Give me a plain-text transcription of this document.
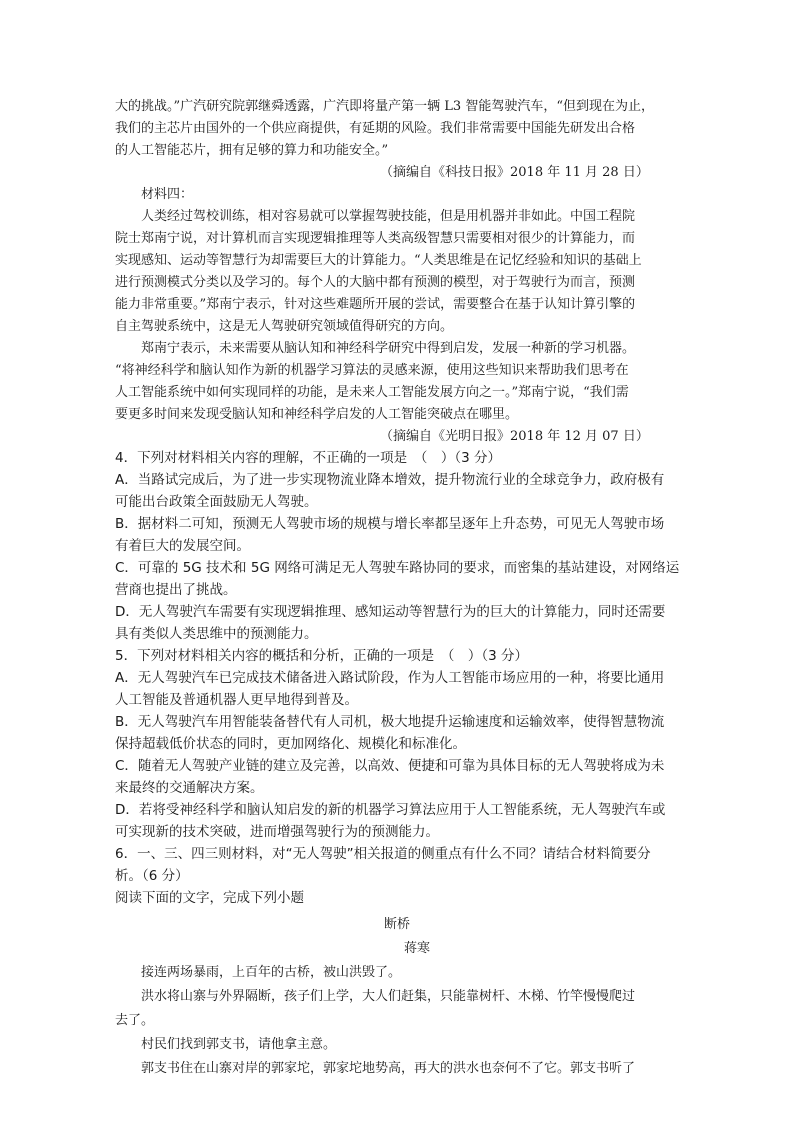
大的挑战。”广汽研究院郭继舜透露，广汽即将量产第一辆 L3 智能驾驶汽车，“但到现在为止，
我们的主芯片由国外的一个供应商提供，有延期的风险。我们非常需要中国能先研发出合格
的人工智能芯片，拥有足够的算力和功能安全。”
（摘编自《科技日报》2018 年 11 月 28 日）
材料四：
人类经过驾校训练，相对容易就可以掌握驾驶技能，但是用机器并非如此。中国工程院
院士郑南宁说，对计算机而言实现逻辑推理等人类高级智慧只需要相对很少的计算能力，而
实现感知、运动等智慧行为却需要巨大的计算能力。“人类思维是在记忆经验和知识的基础上
进行预测模式分类以及学习的。每个人的大脑中都有预测的模型，对于驾驶行为而言，预测
能力非常重要。”郑南宁表示，针对这些难题所开展的尝试，需要整合在基于认知计算引擎的
自主驾驶系统中，这是无人驾驶研究领域值得研究的方向。
郑南宁表示，未来需要从脑认知和神经科学研究中得到启发，发展一种新的学习机器。
“将神经科学和脑认知作为新的机器学习算法的灵感来源，使用这些知识来帮助我们思考在
人工智能系统中如何实现同样的功能，是未来人工智能发展方向之一。”郑南宁说，“我们需
要更多时间来发现受脑认知和神经科学启发的人工智能突破点在哪里。
（摘编自《光明日报》2018 年 12 月 07 日）
4．下列对材料相关内容的理解，不正确的一项是　（　）（3 分）
A．当路试完成后，为了进一步实现物流业降本增效，提升物流行业的全球竞争力，政府极有
可能出台政策全面鼓励无人驾驶。
B．据材料二可知，预测无人驾驶市场的规模与增长率都呈逐年上升态势，可见无人驾驶市场
有着巨大的发展空间。
C．可靠的 5G 技术和 5G 网络可满足无人驾驶车路协同的要求，而密集的基站建设，对网络运
营商也提出了挑战。
D．无人驾驶汽车需要有实现逻辑推理、感知运动等智慧行为的巨大的计算能力，同时还需要
具有类似人类思维中的预测能力。
5．下列对材料相关内容的概括和分析，正确的一项是　（　）（3 分）
A．无人驾驶汽车已完成技术储备进入路试阶段，作为人工智能市场应用的一种，将要比通用
人工智能及普通机器人更早地得到普及。
B．无人驾驶汽车用智能装备替代有人司机，极大地提升运输速度和运输效率，使得智慧物流
保持超载低价状态的同时，更加网络化、规模化和标准化。
C．随着无人驾驶产业链的建立及完善，以高效、便捷和可靠为具体目标的无人驾驶将成为未
来最终的交通解决方案。
D．若将受神经科学和脑认知启发的新的机器学习算法应用于人工智能系统，无人驾驶汽车或
可实现新的技术突破，进而增强驾驶行为的预测能力。
6．一、三、四三则材料，对“无人驾驶”相关报道的侧重点有什么不同？请结合材料简要分
析。（6 分）
阅读下面的文字，完成下列小题
断桥
蒋寒
接连两场暴雨，上百年的古桥，被山洪毁了。
洪水将山寨与外界隔断，孩子们上学，大人们赶集，只能靠树杆、木梯、竹竿慢慢爬过
去了。
村民们找到郭支书，请他拿主意。
郭支书住在山寨对岸的郭家坨，郭家坨地势高，再大的洪水也奈何不了它。郭支书听了
